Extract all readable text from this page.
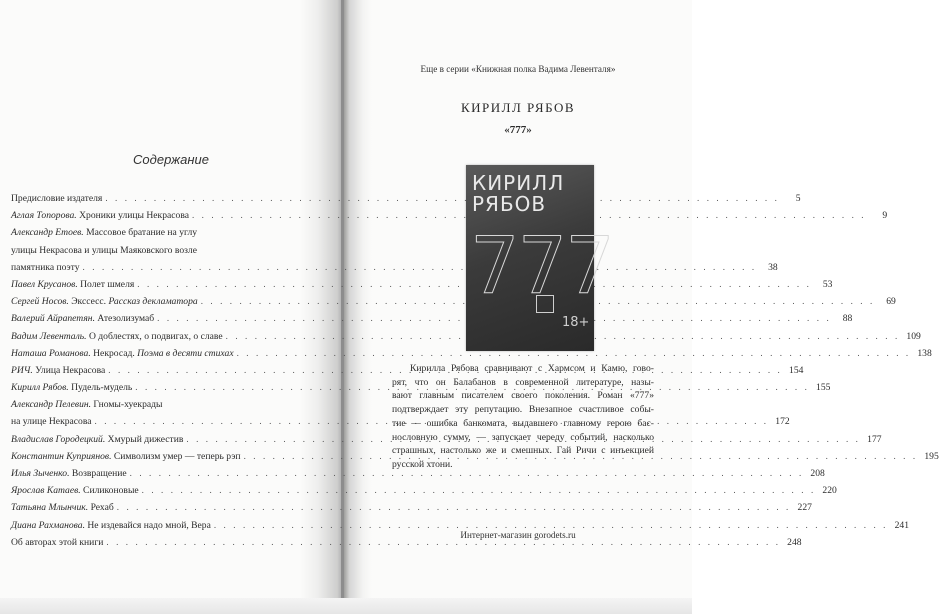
Содержание
Предисловие издателя . . .	5
Аглая Топорова. Хроники улицы Некрасова . . .	9
Александр Етоев. Массовое братание на углу
улицы Некрасова и улицы Маяковского возле
памятника поэту . . .	38
Павел Крусанов. Полет шмеля . . .	53
Сергей Носов. Экссесс. Рассказ декламатора . . .	69
Валерий Айрапетян. Атезолизумаб . . .	88
Вадим Левенталь. О доблестях, о подвигах, о славе . . .	109
Наташа Романова. Некросад. Поэма в десяти стихах . . .	138
РИЧ. Улица Некрасова . . .	154
Кирилл Рябов. Пудель-мудель . . .	155
Александр Пелевин. Гномы-хуекрады
на улице Некрасова . . .	172
Владислав Городецкий. Хмурый дижестив . . .	177
Константин Куприянов. Символизм умер — теперь рэп . . .	195
Илья Зыченко. Возвращение . . .	208
Ярослав Катаев. Силиконовые . . .	220
Татьяна Млынчик. Рехаб . . .	227
Диана Рахманова. Не издевайся надо мной, Вера . . .	241
Об авторах этой книги . . .	248
Еще в серии «Книжная полка Вадима Левенталя»
КИРИЛЛ РЯБОВ
«777»
КИРИЛЛ
РЯБОВ
777
18+
Кирилла Рябова сравнивают с Хармсом и Камю, гово-
рят, что он Балабанов в современной литературе, назы-
вают главным писателем своего поколения. Роман «777»
подтверждает эту репутацию. Внезапное счастливое собы-
тие — ошибка банкомата, выдавшего главному герою бас-
нословную сумму, — запускает череду событий, насколько
страшных, настолько же и смешных. Гай Ричи с инъекцией
русской хтони.
Интернет-магазин gorodets.ru
